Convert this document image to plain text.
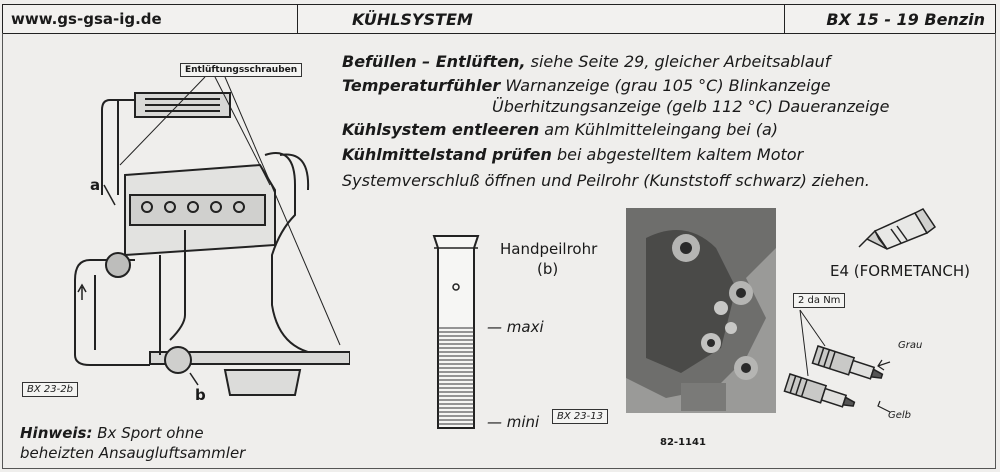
www.gs-gsa-ig.de	KÜHLSYSTEM	BX 15 - 19 Benzin
Entlüftungsschrauben
a
b
BX 23-2b
Befüllen – Entlüften, siehe Seite 29, gleicher Arbeitsablauf
Temperaturfühler Warnanzeige (grau 105 °C) Blinkanzeige
Überhitzungsanzeige (gelb 112 °C) Daueranzeige
Kühlsystem entleeren am Kühlmitteleingang bei (a)
Kühlmittelstand prüfen bei abgestelltem kaltem Motor
Systemverschluß öffnen und Peilrohr (Kunststoff schwarz) ziehen.
Handpeilrohr
(b)
— maxi
— mini	BX 23-13
82-1141
2 da Nm
Grau
Gelb
E4 (FORMETANCH)
Hinweis: Bx Sport ohne
beheizten Ansaugluftsammler
